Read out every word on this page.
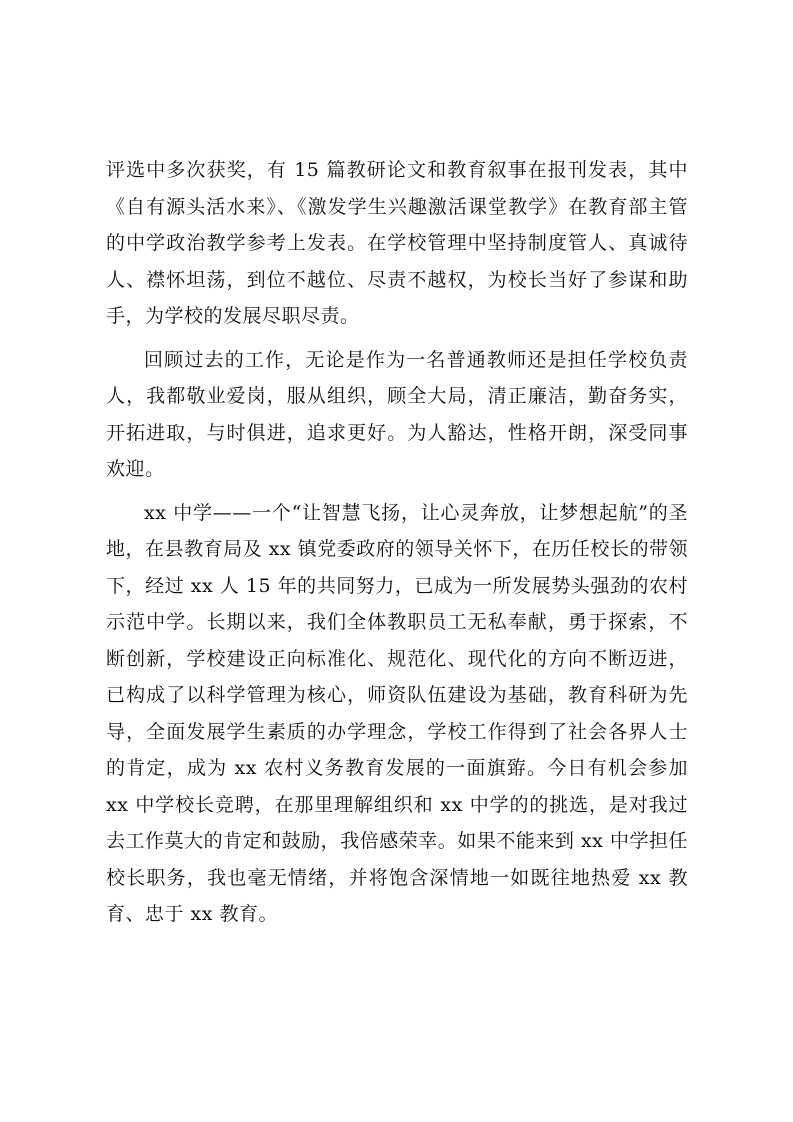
评选中多次获奖，有 15 篇教研论文和教育叙事在报刊发表，其中《自有源头活水来》、《激发学生兴趣激活课堂教学》在教育部主管的中学政治教学参考上发表。在学校管理中坚持制度管人、真诚待人、襟怀坦荡，到位不越位、尽责不越权，为校长当好了参谋和助手，为学校的发展尽职尽责。

回顾过去的工作，无论是作为一名普通教师还是担任学校负责人，我都敬业爱岗，服从组织，顾全大局，清正廉洁，勤奋务实，开拓进取，与时俱进，追求更好。为人豁达，性格开朗，深受同事欢迎。

xx 中学——一个“让智慧飞扬，让心灵奔放，让梦想起航”的圣地，在县教育局及 xx 镇党委政府的领导关怀下，在历任校长的带领下，经过 xx 人 15 年的共同努力，已成为一所发展势头强劲的农村示范中学。长期以来，我们全体教职员工无私奉献，勇于探索，不断创新，学校建设正向标准化、规范化、现代化的方向不断迈进，已构成了以科学管理为核心，师资队伍建设为基础，教育科研为先导，全面发展学生素质的办学理念，学校工作得到了社会各界人士的肯定，成为 xx 农村义务教育发展的一面旗臶。今日有机会参加 xx 中学校长竞聘，在那里理解组织和 xx 中学的的挑选，是对我过去工作莫大的肯定和鼓励，我倍感荣幸。如果不能来到 xx 中学担任校长职务，我也毫无情绪，并将饱含深情地一如既往地热爱 xx 教育、忠于 xx 教育。
